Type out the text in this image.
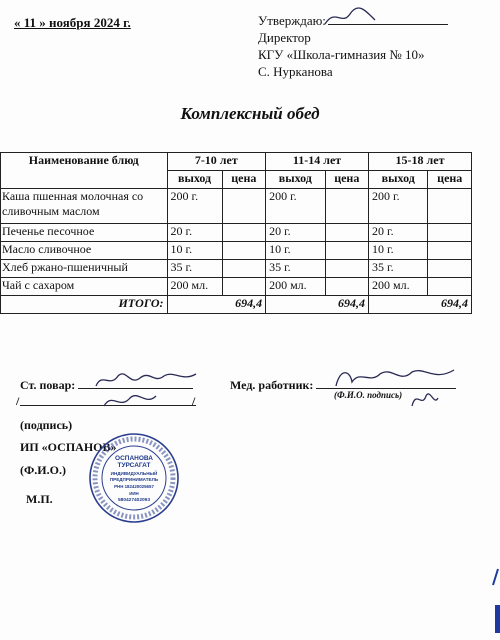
« 11 » ноября 2024 г.	Утверждаю:
Директор
КГУ «Школа-гимназия № 10»
С. Нурканова
Комплексный обед
Наименование блюд	7-10 лет		11-14 лет		15-18 лет	
	выход	цена	выход	цена	выход	цена
Каша пшенная молочная со сливочным маслом	200 г.		200 г.		200 г.	
Печенье песочное	20 г.		20 г.		20 г.	
Масло сливочное	10 г.		10 г.		10 г.	
Хлеб ржано-пшеничный	35 г.		35 г.		35 г.	
Чай с сахаром	200 мл.		200 мл.		200 мл.	
ИТОГО:	694,4		694,4		694,4	
Ст. повар:	Мед. работник:
(Ф.И.О. подпись)
/	/
(подпись)
ИП «ОСПАНОВ»
(Ф.И.О.)
М.П.
ОСПАНОВА
ТУРСАГАТ
ИНДИВИДУАЛЬНЫЙ
ПРЕДПРИНИМАТЕЛЬ
РНН 182420025657
ИИН
580427402093
